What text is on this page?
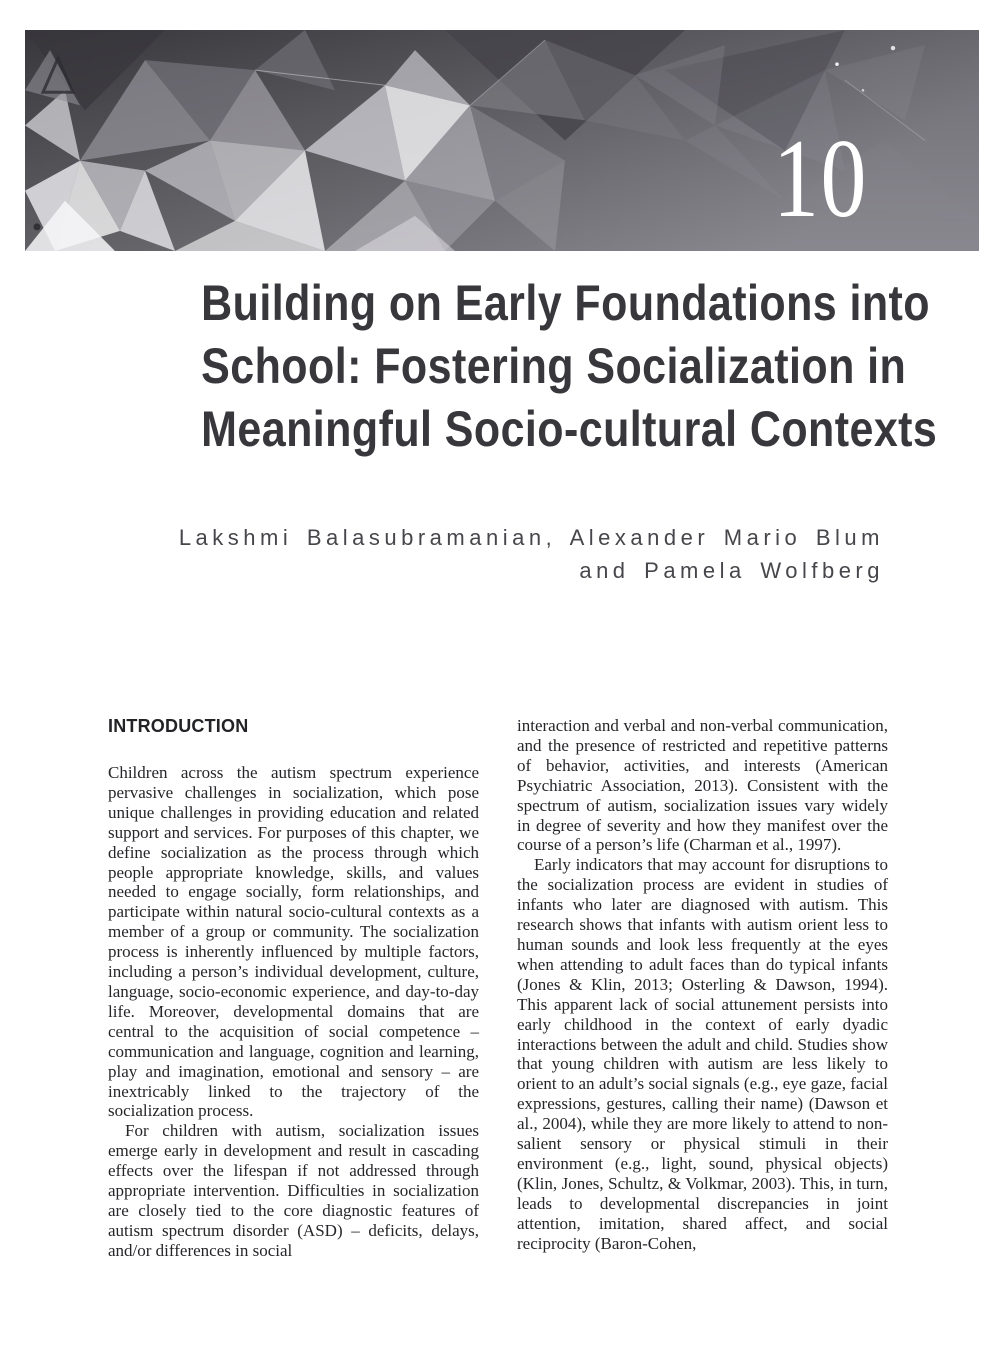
10
Building on Early Foundations into
School: Fostering Socialization in
Meaningful Socio-cultural Contexts
Lakshmi Balasubramanian, Alexander Mario Blum
and Pamela Wolfberg
INTRODUCTION

Children across the autism spectrum experience pervasive challenges in socialization, which pose unique challenges in providing education and related support and services. For purposes of this chapter, we define socialization as the process through which people appropriate knowledge, skills, and values needed to engage socially, form relationships, and participate within natural socio-cultural contexts as a member of a group or community. The socialization process is inherently influenced by multiple factors, including a person’s individual development, culture, language, socio-economic experience, and day-to-day life. Moreover, developmental domains that are central to the acquisition of social competence – communication and language, cognition and learning, play and imagination, emotional and sensory – are inextricably linked to the trajectory of the socialization process.

For children with autism, socialization issues emerge early in development and result in cascading effects over the lifespan if not addressed through appropriate intervention. Difficulties in socialization are closely tied to the core diagnostic features of autism spectrum disorder (ASD) – deficits, delays, and/or differences in social

interaction and verbal and non-verbal communication, and the presence of restricted and repetitive patterns of behavior, activities, and interests (American Psychiatric Association, 2013). Consistent with the spectrum of autism, socialization issues vary widely in degree of severity and how they manifest over the course of a person’s life (Charman et al., 1997).

Early indicators that may account for disruptions to the socialization process are evident in studies of infants who later are diagnosed with autism. This research shows that infants with autism orient less to human sounds and look less frequently at the eyes when attending to adult faces than do typical infants (Jones & Klin, 2013; Osterling & Dawson, 1994). This apparent lack of social attunement persists into early childhood in the context of early dyadic interactions between the adult and child. Studies show that young children with autism are less likely to orient to an adult’s social signals (e.g., eye gaze, facial expressions, gestures, calling their name) (Dawson et al., 2004), while they are more likely to attend to non-salient sensory or physical stimuli in their environment (e.g., light, sound, physical objects) (Klin, Jones, Schultz, & Volkmar, 2003). This, in turn, leads to developmental discrepancies in joint attention, imitation, shared affect, and social reciprocity (Baron-Cohen,
